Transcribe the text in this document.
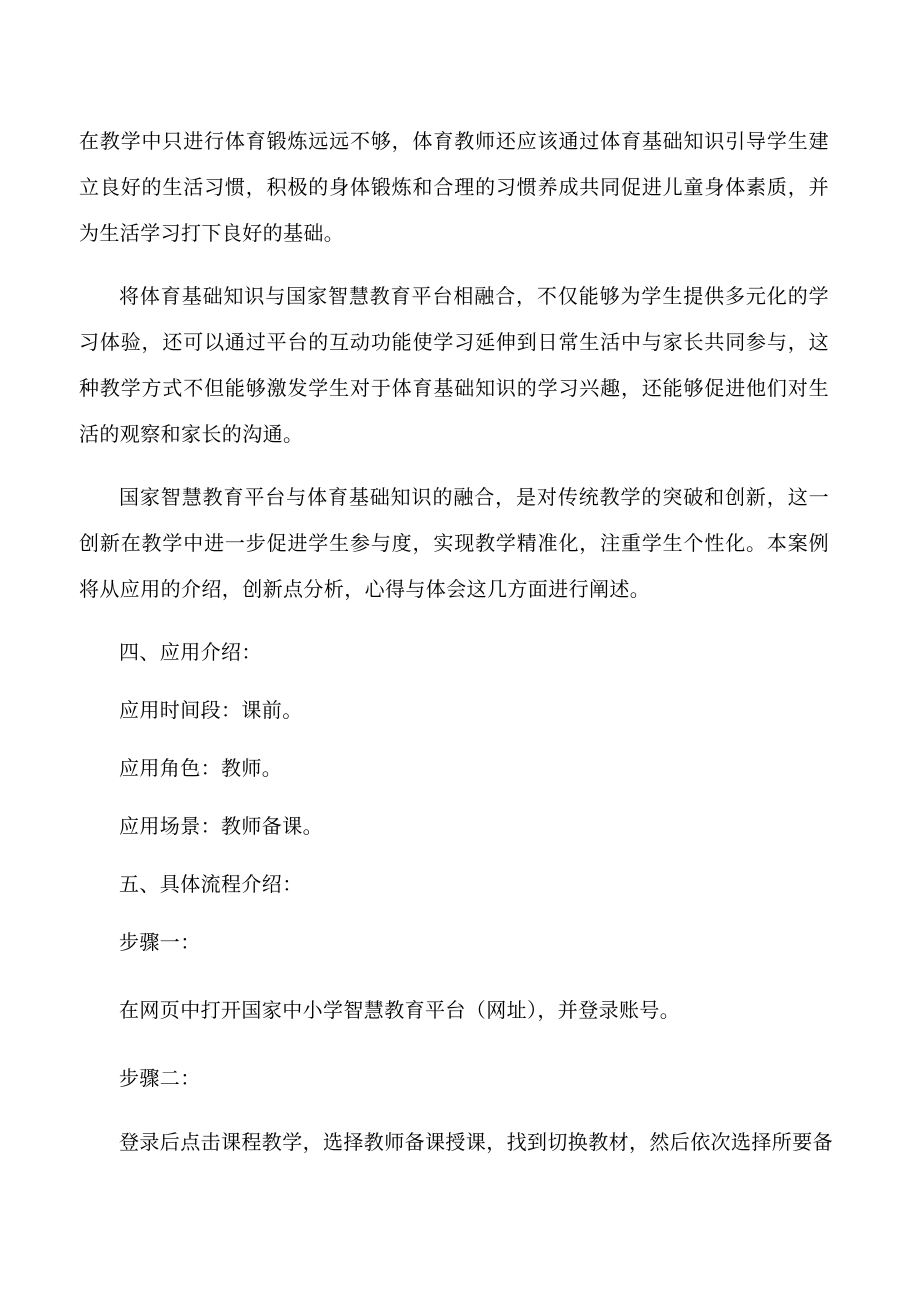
在教学中只进行体育锻炼远远不够，体育教师还应该通过体育基础知识引导学生建立良好的生活习惯，积极的身体锻炼和合理的习惯养成共同促进儿童身体素质，并为生活学习打下良好的基础。

将体育基础知识与国家智慧教育平台相融合，不仅能够为学生提供多元化的学习体验，还可以通过平台的互动功能使学习延伸到日常生活中与家长共同参与，这种教学方式不但能够激发学生对于体育基础知识的学习兴趣，还能够促进他们对生活的观察和家长的沟通。

国家智慧教育平台与体育基础知识的融合，是对传统教学的突破和创新，这一创新在教学中进一步促进学生参与度，实现教学精准化，注重学生个性化。本案例将从应用的介绍，创新点分析，心得与体会这几方面进行阐述。

四、应用介绍：

应用时间段：课前。

应用角色：教师。

应用场景：教师备课。

五、具体流程介绍：

步骤一：

在网页中打开国家中小学智慧教育平台（网址），并登录账号。

步骤二：

登录后点击课程教学，选择教师备课授课，找到切换教材，然后依次选择所要备
